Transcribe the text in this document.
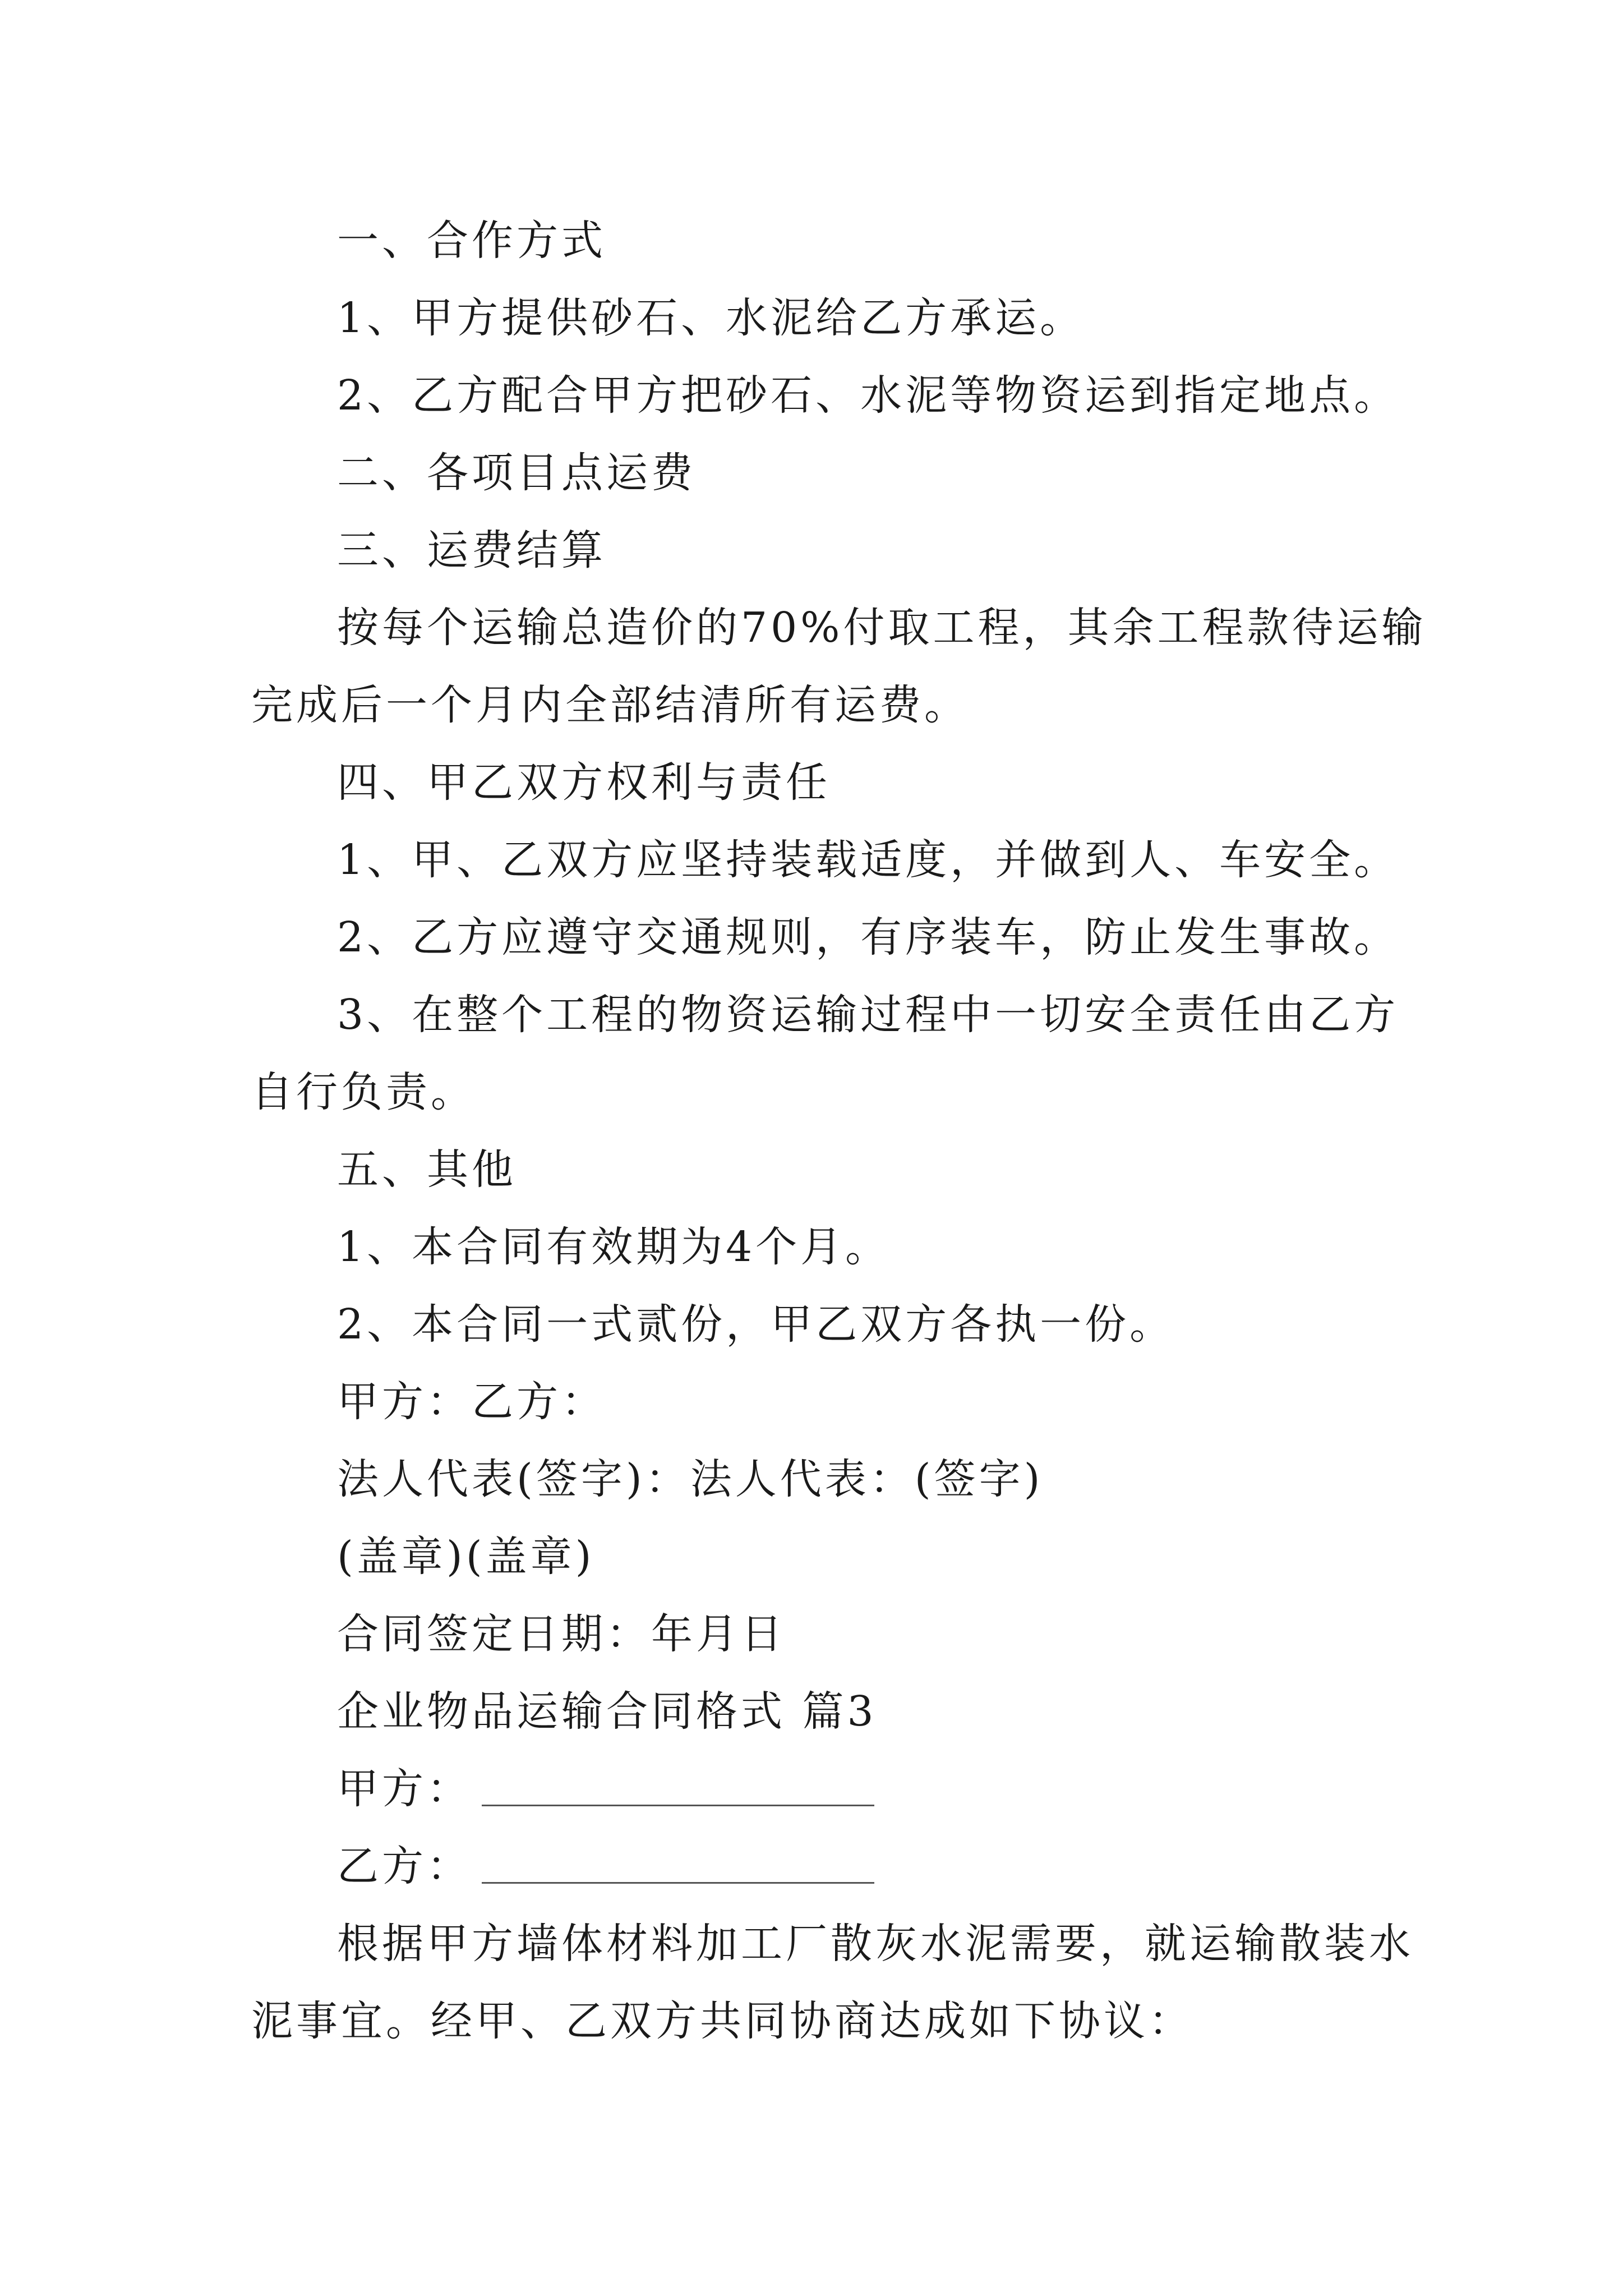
一、合作方式
1、甲方提供砂石、水泥给乙方承运。
2、乙方配合甲方把砂石、水泥等物资运到指定地点。
二、各项目点运费
三、运费结算
按每个运输总造价的70%付取工程，其余工程款待运输
完成后一个月内全部结清所有运费。
四、甲乙双方权利与责任
1、甲、乙双方应坚持装载适度，并做到人、车安全。
2、乙方应遵守交通规则，有序装车，防止发生事故。
3、在整个工程的物资运输过程中一切安全责任由乙方
自行负责。
五、其他
1、本合同有效期为4个月。
2、本合同一式贰份，甲乙双方各执一份。
甲方：乙方：
法人代表(签字)：法人代表：(签字)
(盖章)(盖章)
合同签定日期：年月日
企业物品运输合同格式 篇3
甲方：
乙方：
根据甲方墙体材料加工厂散灰水泥需要，就运输散装水
泥事宜。经甲、乙双方共同协商达成如下协议：
